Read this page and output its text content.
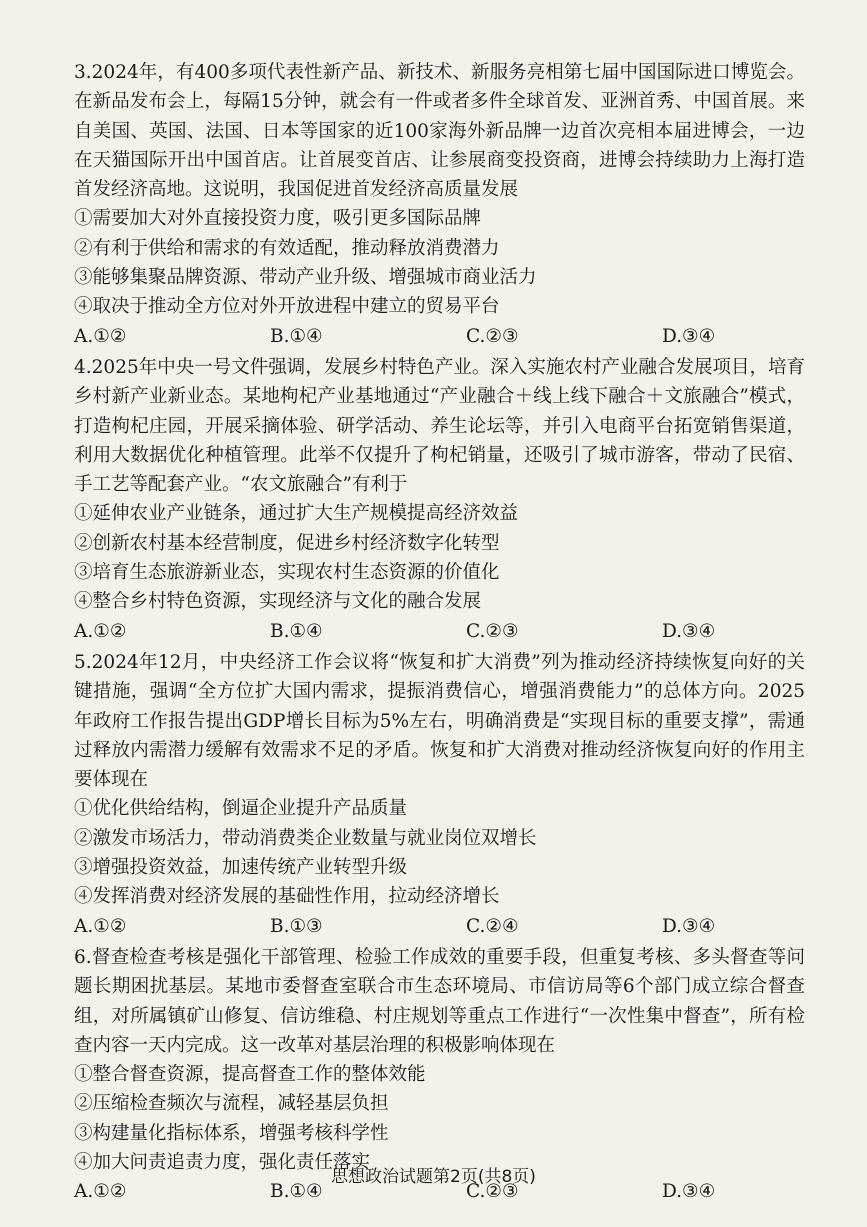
3.2024年，有400多项代表性新产品、新技术、新服务亮相第七届中国国际进口博览会。在新品发布会上，每隔15分钟，就会有一件或者多件全球首发、亚洲首秀、中国首展。来自美国、英国、法国、日本等国家的近100家海外新品牌一边首次亮相本届进博会，一边在天猫国际开出中国首店。让首展变首店、让参展商变投资商，进博会持续助力上海打造首发经济高地。这说明，我国促进首发经济高质量发展

①需要加大对外直接投资力度，吸引更多国际品牌

②有利于供给和需求的有效适配，推动释放消费潜力

③能够集聚品牌资源、带动产业升级、增强城市商业活力

④取决于推动全方位对外开放进程中建立的贸易平台

A.①②	B.①④	C.②③	D.③④

4.2025年中央一号文件强调，发展乡村特色产业。深入实施农村产业融合发展项目，培育乡村新产业新业态。某地枸杞产业基地通过“产业融合＋线上线下融合＋文旅融合”模式，打造枸杞庄园，开展采摘体验、研学活动、养生论坛等，并引入电商平台拓宽销售渠道，利用大数据优化种植管理。此举不仅提升了枸杞销量，还吸引了城市游客，带动了民宿、手工艺等配套产业。“农文旅融合”有利于

①延伸农业产业链条，通过扩大生产规模提高经济效益

②创新农村基本经营制度，促进乡村经济数字化转型

③培育生态旅游新业态，实现农村生态资源的价值化

④整合乡村特色资源，实现经济与文化的融合发展

A.①②	B.①④	C.②③	D.③④

5.2024年12月，中央经济工作会议将“恢复和扩大消费”列为推动经济持续恢复向好的关键措施，强调“全方位扩大国内需求，提振消费信心，增强消费能力”的总体方向。2025年政府工作报告提出GDP增长目标为5%左右，明确消费是“实现目标的重要支撑”，需通过释放内需潜力缓解有效需求不足的矛盾。恢复和扩大消费对推动经济恢复向好的作用主要体现在

①优化供给结构，倒逼企业提升产品质量

②激发市场活力，带动消费类企业数量与就业岗位双增长

③增强投资效益，加速传统产业转型升级

④发挥消费对经济发展的基础性作用，拉动经济增长

A.①②	B.①③	C.②④	D.③④

6.督查检查考核是强化干部管理、检验工作成效的重要手段，但重复考核、多头督查等问题长期困扰基层。某地市委督查室联合市生态环境局、市信访局等6个部门成立综合督查组，对所属镇矿山修复、信访维稳、村庄规划等重点工作进行“一次性集中督查”，所有检查内容一天内完成。这一改革对基层治理的积极影响体现在

①整合督查资源，提高督查工作的整体效能

②压缩检查频次与流程，减轻基层负担

③构建量化指标体系，增强考核科学性

④加大问责追责力度，强化责任落实

A.①②	B.①④	C.②③	D.③④
思想政治试题第2页(共8页)
